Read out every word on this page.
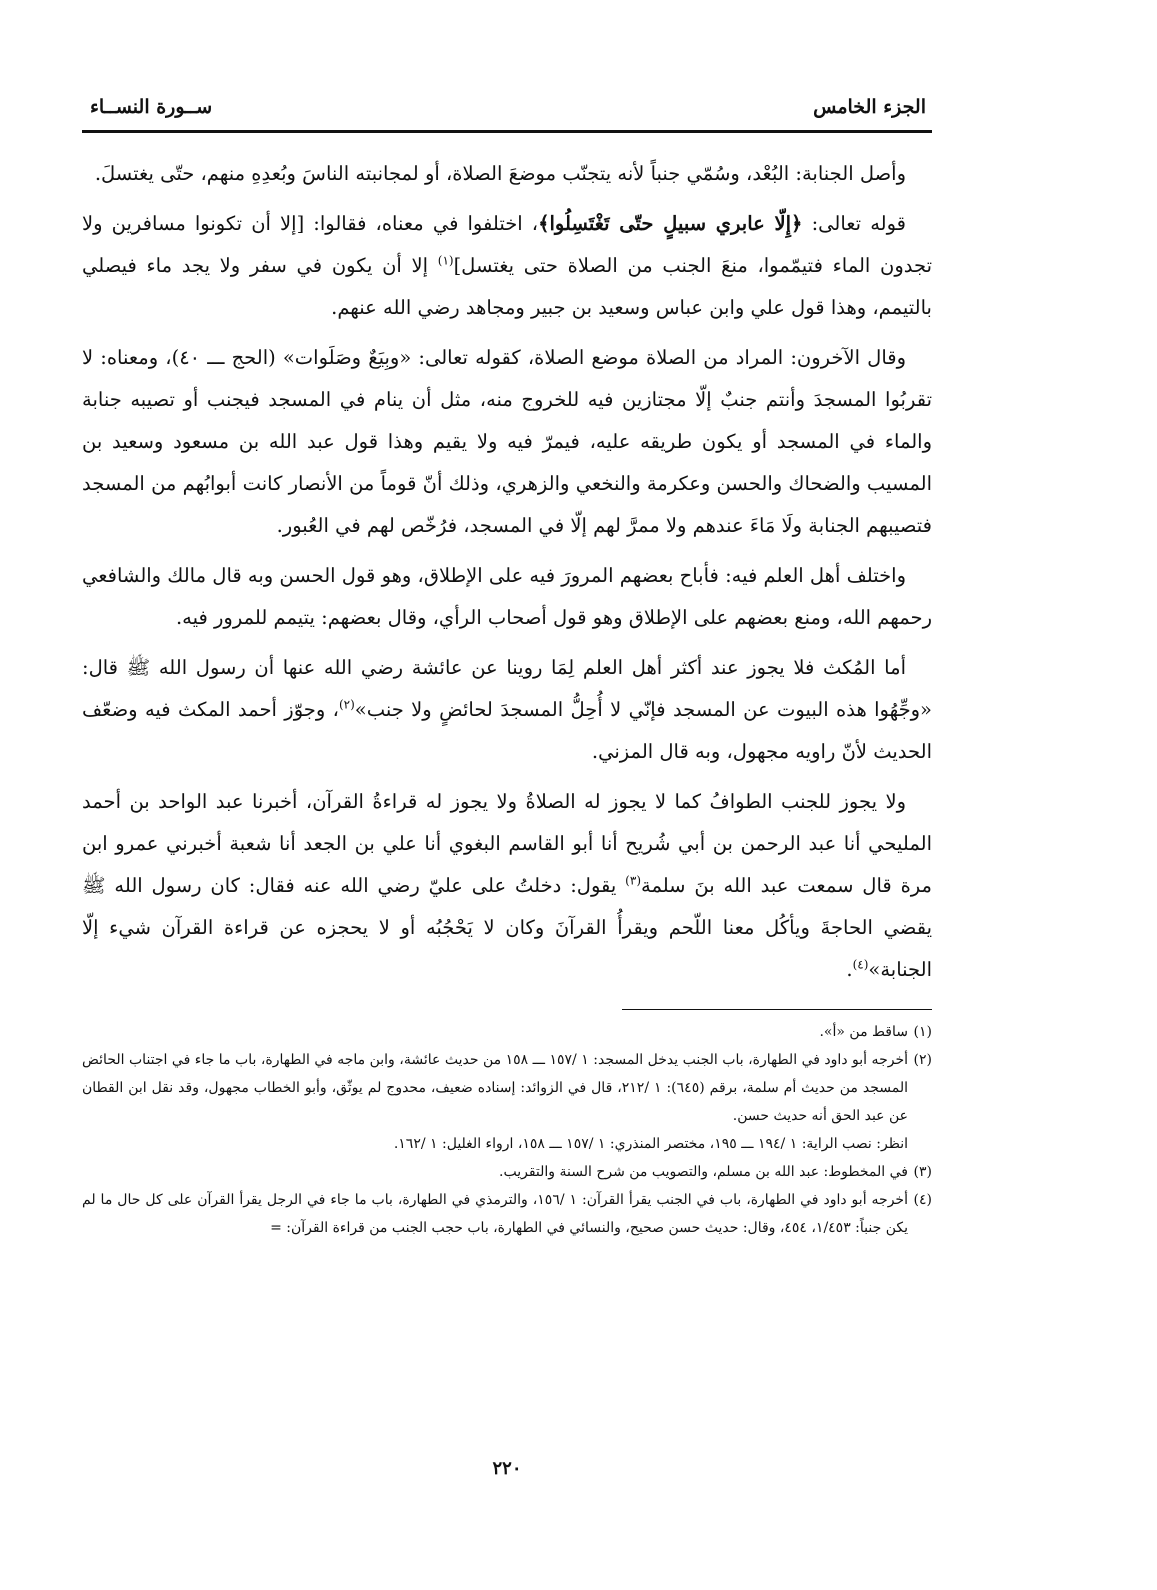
الجزء الخامس
ســورة النســاء

وأصل الجنابة: البُعْد، وسُمّي جنباً لأنه يتجنّب موضعَ الصلاة، أو لمجانبته الناسَ وبُعدِهِ منهم، حتّى يغتسلَ.

قوله تعالى: ﴿إِلّا عابري سبيلٍ حتّى تَغْتَسِلُوا﴾، اختلفوا في معناه، فقالوا: [إلا أن تكونوا مسافرين ولا تجدون الماء فتيمّموا، منعَ الجنب من الصلاة حتى يغتسل]$^{(١)}$ إلا أن يكون في سفر ولا يجد ماء فيصلي بالتيمم، وهذا قول علي وابن عباس وسعيد بن جبير ومجاهد رضي الله عنهم.

وقال الآخرون: المراد من الصلاة موضع الصلاة، كقوله تعالى: «وبِيَعٌ وصَلَوات» (الحج ـــ ٤٠)، ومعناه: لا تقربُوا المسجدَ وأنتم جنبٌ إلّا مجتازين فيه للخروج منه، مثل أن ينام في المسجد فيجنب أو تصيبه جنابة والماء في المسجد أو يكون طريقه عليه، فيمرّ فيه ولا يقيم وهذا قول عبد الله بن مسعود وسعيد بن المسيب والضحاك والحسن وعكرمة والنخعي والزهري، وذلك أنّ قوماً من الأنصار كانت أبوابُهم من المسجد فتصيبهم الجنابة ولَا مَاءَ عندهم ولا ممرَّ لهم إلّا في المسجد، فرُخّص لهم في العُبور.

واختلف أهل العلم فيه: فأباح بعضهم المرورَ فيه على الإطلاق، وهو قول الحسن وبه قال مالك والشافعي رحمهم الله، ومنع بعضهم على الإطلاق وهو قول أصحاب الرأي، وقال بعضهم: يتيمم للمرور فيه.

أما المُكث فلا يجوز عند أكثر أهل العلم لِمَا روينا عن عائشة رضي الله عنها أن رسول الله ﷺ قال: «وجِّهُوا هذه البيوت عن المسجد فإنّي لا أُحِلُّ المسجدَ لحائضٍ ولا جنب»$^{(٢)}$، وجوّز أحمد المكث فيه وضعّف الحديث لأنّ راويه مجهول، وبه قال المزني.

ولا يجوز للجنب الطوافُ كما لا يجوز له الصلاةُ ولا يجوز له قراءةُ القرآن، أخبرنا عبد الواحد بن أحمد المليحي أنا عبد الرحمن بن أبي شُريح أنا أبو القاسم البغوي أنا علي بن الجعد أنا شعبة أخبرني عمرو ابن مرة قال سمعت عبد الله بنَ سلمة$^{(٣)}$ يقول: دخلتُ على عليّ رضي الله عنه فقال: كان رسول الله ﷺ يقضي الحاجةَ ويأكُل معنا اللّحم ويقرأُ القرآنَ وكان لا يَحْجُبُه أو لا يحجزه عن قراءة القرآن شيء إلّا الجنابة»$^{(٤)}$.

(١)
ساقط من «أ».

(٢)
أخرجه أبو داود في الطهارة، باب الجنب يدخل المسجد: ١ /١٥٧ ـــ ١٥٨ من حديث عائشة، وابن ماجه في الطهارة، باب ما جاء في اجتناب الحائض المسجد من حديث أم سلمة، برقم (٦٤٥): ١ /٢١٢، قال في الزوائد: إسناده ضعيف، محدوج لم يوثّق، وأبو الخطاب مجهول، وقد نقل ابن القطان عن عبد الحق أنه حديث حسن.

انظر: نصب الراية: ١ /١٩٤ ـــ ١٩٥، مختصر المنذري: ١ /١٥٧ ـــ ١٥٨، ارواء الغليل: ١ /١٦٢.

(٣)
في المخطوط: عبد الله بن مسلم، والتصويب من شرح السنة والتقريب.

(٤)
أخرجه أبو داود في الطهارة، باب في الجنب يقرأ القرآن: ١ /١٥٦، والترمذي في الطهارة، باب ما جاء في الرجل يقرأ القرآن على كل حال ما لم يكن جنباً: ١/٤٥٣، ٤٥٤، وقال: حديث حسن صحيح، والنسائي في الطهارة، باب حجب الجنب من قراءة القرآن: =

٢٢٠
